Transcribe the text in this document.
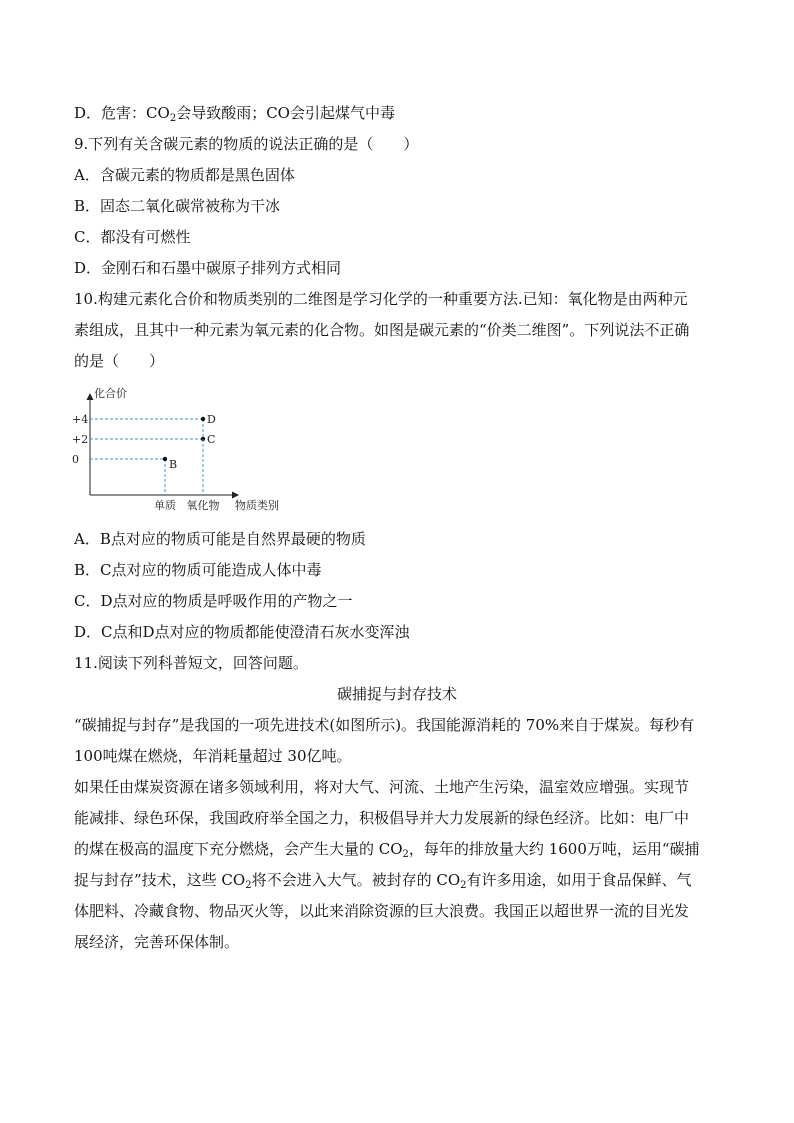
D．危害：$CO_2$会导致酸雨；CO会引起煤气中毒
9.下列有关含碳元素的物质的说法正确的是（　　）
A．含碳元素的物质都是黑色固体
B．固态二氧化碳常被称为干冰
C．都没有可燃性
D．金刚石和石墨中碳原子排列方式相同
10.构建元素化合价和物质类别的二维图是学习化学的一种重要方法.已知：氧化物是由两种元
素组成，且其中一种元素为氧元素的化合物。如图是碳元素的“价类二维图”。下列说法不正确
的是（　　）
化合价
物质类别
+4
+2
0
单质 氧化物
B
C
D
A．B点对应的物质可能是自然界最硬的物质
B．C点对应的物质可能造成人体中毒
C．D点对应的物质是呼吸作用的产物之一
D．C点和D点对应的物质都能使澄清石灰水变浑浊
11.阅读下列科普短文，回答问题。
碳捕捉与封存技术
“碳捕捉与封存”是我国的一项先进技术(如图所示)。我国能源消耗的 70%来自于煤炭。每秒有
100吨煤在燃烧，年消耗量超过 30亿吨。
如果任由煤炭资源在诸多领域利用，将对大气、河流、土地产生污染，温室效应增强。实现节
能减排、绿色环保，我国政府举全国之力，积极倡导并大力发展新的绿色经济。比如：电厂中
的煤在极高的温度下充分燃烧，会产生大量的 $CO_2$，每年的排放量大约 1600万吨，运用“碳捕
捉与封存”技术，这些 $CO_2$将不会进入大气。被封存的 $CO_2$有许多用途，如用于食品保鲜、气
体肥料、冷藏食物、物品灭火等，以此来消除资源的巨大浪费。我国正以超世界一流的目光发
展经济，完善环保体制。
